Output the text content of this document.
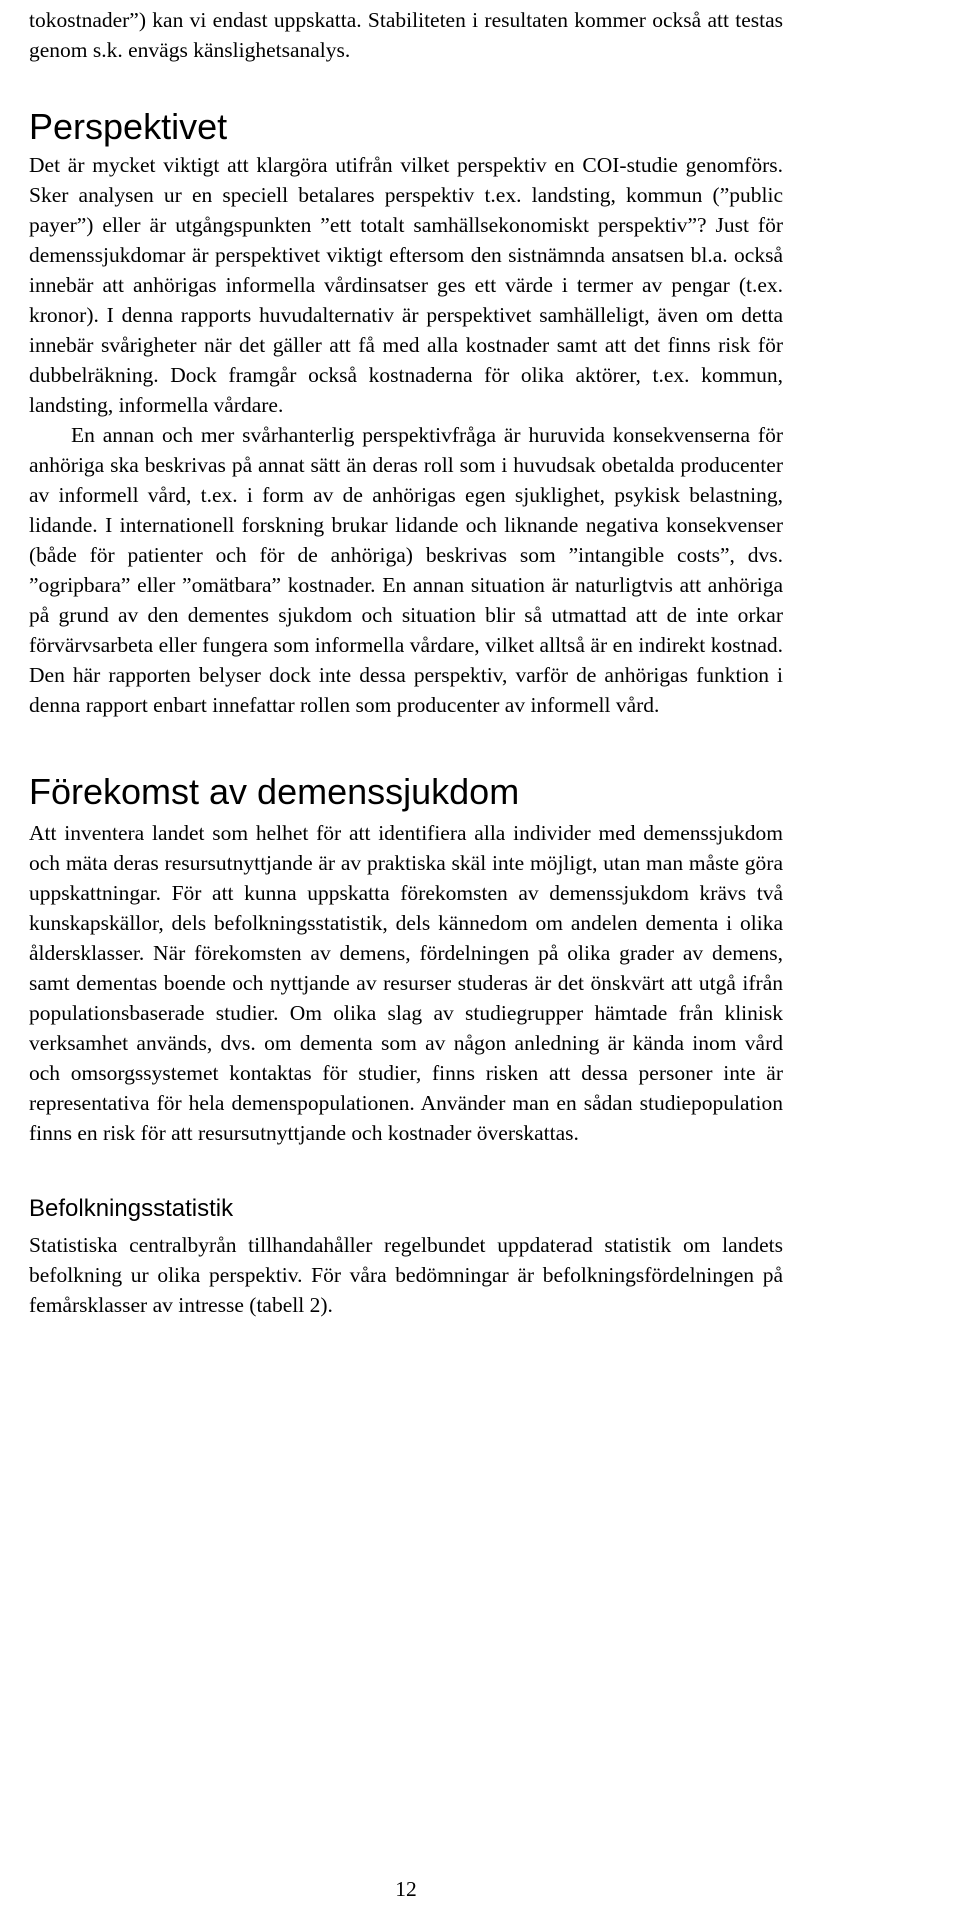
tokostnader”) kan vi endast uppskatta. Stabiliteten i resultaten kommer också att testas genom s.k. envägs känslighetsanalys.

Perspektivet

Det är mycket viktigt att klargöra utifrån vilket perspektiv en COI-studie genomförs. Sker analysen ur en speciell betalares perspektiv t.ex. landsting, kommun (”public payer”) eller är utgångspunkten ”ett totalt samhällsekonomiskt perspektiv”? Just för demenssjukdomar är perspektivet viktigt eftersom den sistnämnda ansatsen bl.a. också innebär att anhörigas informella vårdinsatser ges ett värde i termer av pengar (t.ex. kronor). I denna rapports huvudalternativ är perspektivet samhälleligt, även om detta innebär svårigheter när det gäller att få med alla kostnader samt att det finns risk för dubbelräkning. Dock framgår också kostnaderna för olika aktörer, t.ex. kommun, landsting, informella vårdare.

En annan och mer svårhanterlig perspektivfråga är huruvida konsekvenserna för anhöriga ska beskrivas på annat sätt än deras roll som i huvudsak obetalda producenter av informell vård, t.ex. i form av de anhörigas egen sjuklighet, psykisk belastning, lidande. I internationell forskning brukar lidande och liknande negativa konsekvenser (både för patienter och för de anhöriga) beskrivas som ”intangible costs”, dvs. ”ogripbara” eller ”omätbara” kostnader. En annan situation är naturligtvis att anhöriga på grund av den dementes sjukdom och situation blir så utmattad att de inte orkar förvärvsarbeta eller fungera som informella vårdare, vilket alltså är en indirekt kostnad. Den här rapporten belyser dock inte dessa perspektiv, varför de anhörigas funktion i denna rapport enbart innefattar rollen som producenter av informell vård.

Förekomst av demenssjukdom

Att inventera landet som helhet för att identifiera alla individer med demenssjukdom och mäta deras resursutnyttjande är av praktiska skäl inte möjligt, utan man måste göra uppskattningar. För att kunna uppskatta förekomsten av demenssjukdom krävs två kunskapskällor, dels befolkningsstatistik, dels kännedom om andelen dementa i olika åldersklasser. När förekomsten av demens, fördelningen på olika grader av demens, samt dementas boende och nyttjande av resurser studeras är det önskvärt att utgå ifrån populationsbaserade studier. Om olika slag av studiegrupper hämtade från klinisk verksamhet används, dvs. om dementa som av någon anledning är kända inom vård och omsorgssystemet kontaktas för studier, finns risken att dessa personer inte är representativa för hela demenspopulationen. Använder man en sådan studiepopulation finns en risk för att resursutnyttjande och kostnader överskattas.

Befolkningsstatistik

Statistiska centralbyrån tillhandahåller regelbundet uppdaterad statistik om landets befolkning ur olika perspektiv. För våra bedömningar är befolkningsfördelningen på femårsklasser av intresse (tabell 2).

12
